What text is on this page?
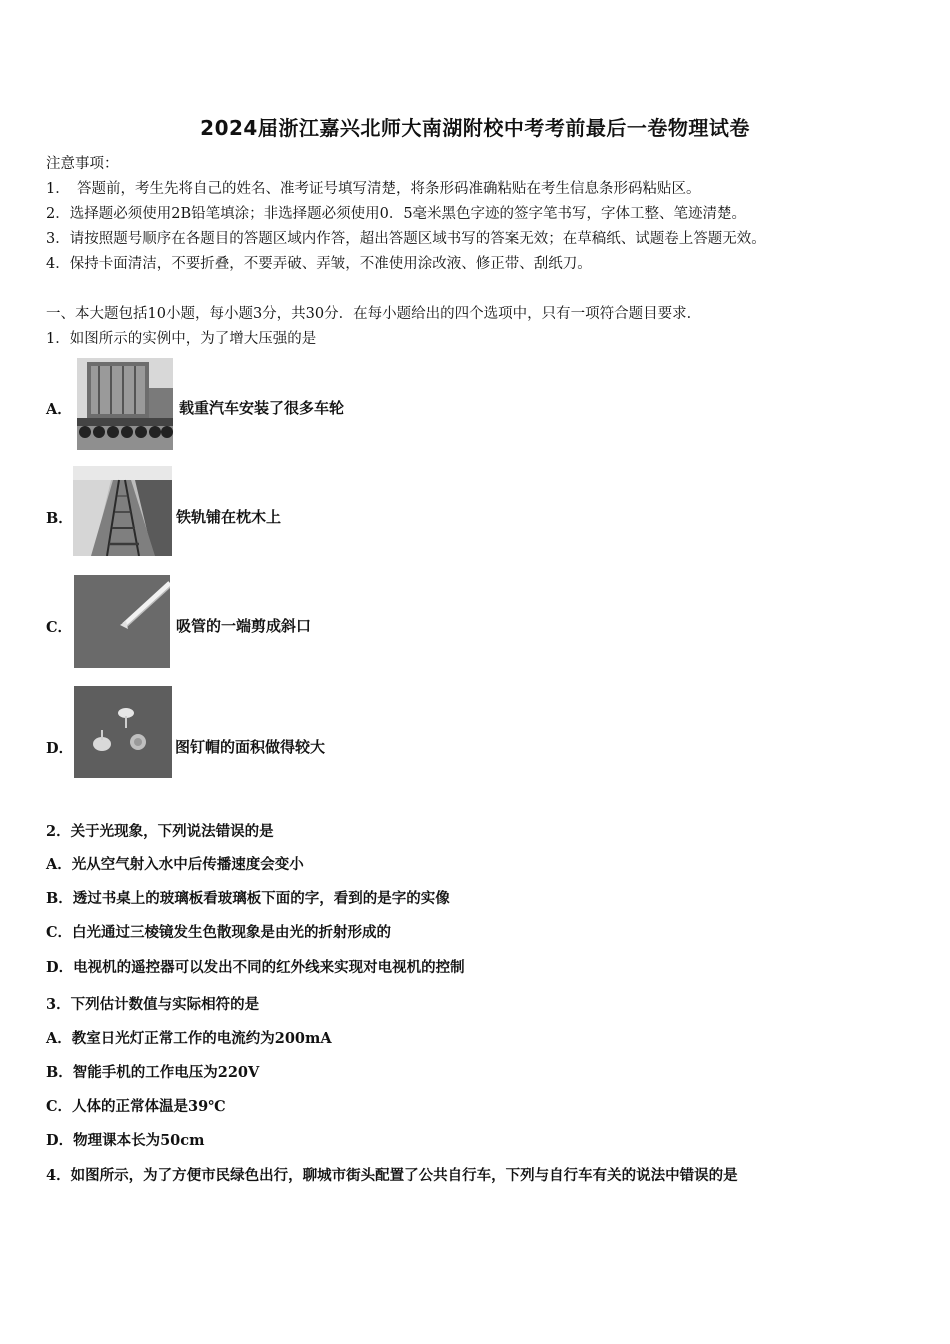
2024届浙江嘉兴北师大南湖附校中考考前最后一卷物理试卷
注意事项：
1．　答题前，考生先将自己的姓名、准考证号填写清楚，将条形码准确粘贴在考生信息条形码粘贴区。
2．选择题必须使用2B铅笔填涂；非选择题必须使用0．5毫米黑色字迹的签字笔书写，字体工整、笔迹清楚。
3．请按照题号顺序在各题目的答题区域内作答，超出答题区域书写的答案无效；在草稿纸、试题卷上答题无效。
4．保持卡面清洁，不要折叠，不要弄破、弄皱，不准使用涂改液、修正带、刮纸刀。
一、本大题包括10小题，每小题3分，共30分．在每小题给出的四个选项中，只有一项符合题目要求．
1．如图所示的实例中，为了增大压强的是
A．	载重汽车安装了很多车轮
B．	铁轨铺在枕木上
C．	吸管的一端剪成斜口
D．	图钉帽的面积做得较大
2．关于光现象，下列说法错误的是
A．光从空气射入水中后传播速度会变小
B．透过书桌上的玻璃板看玻璃板下面的字，看到的是字的实像
C．白光通过三棱镜发生色散现象是由光的折射形成的
D．电视机的遥控器可以发出不同的红外线来实现对电视机的控制
3．下列估计数值与实际相符的是
A．教室日光灯正常工作的电流约为200mA
B．智能手机的工作电压为220V
C．人体的正常体温是39℃
D．物理课本长为50cm
4．如图所示，为了方便市民绿色出行，聊城市街头配置了公共自行车，下列与自行车有关的说法中错误的是
